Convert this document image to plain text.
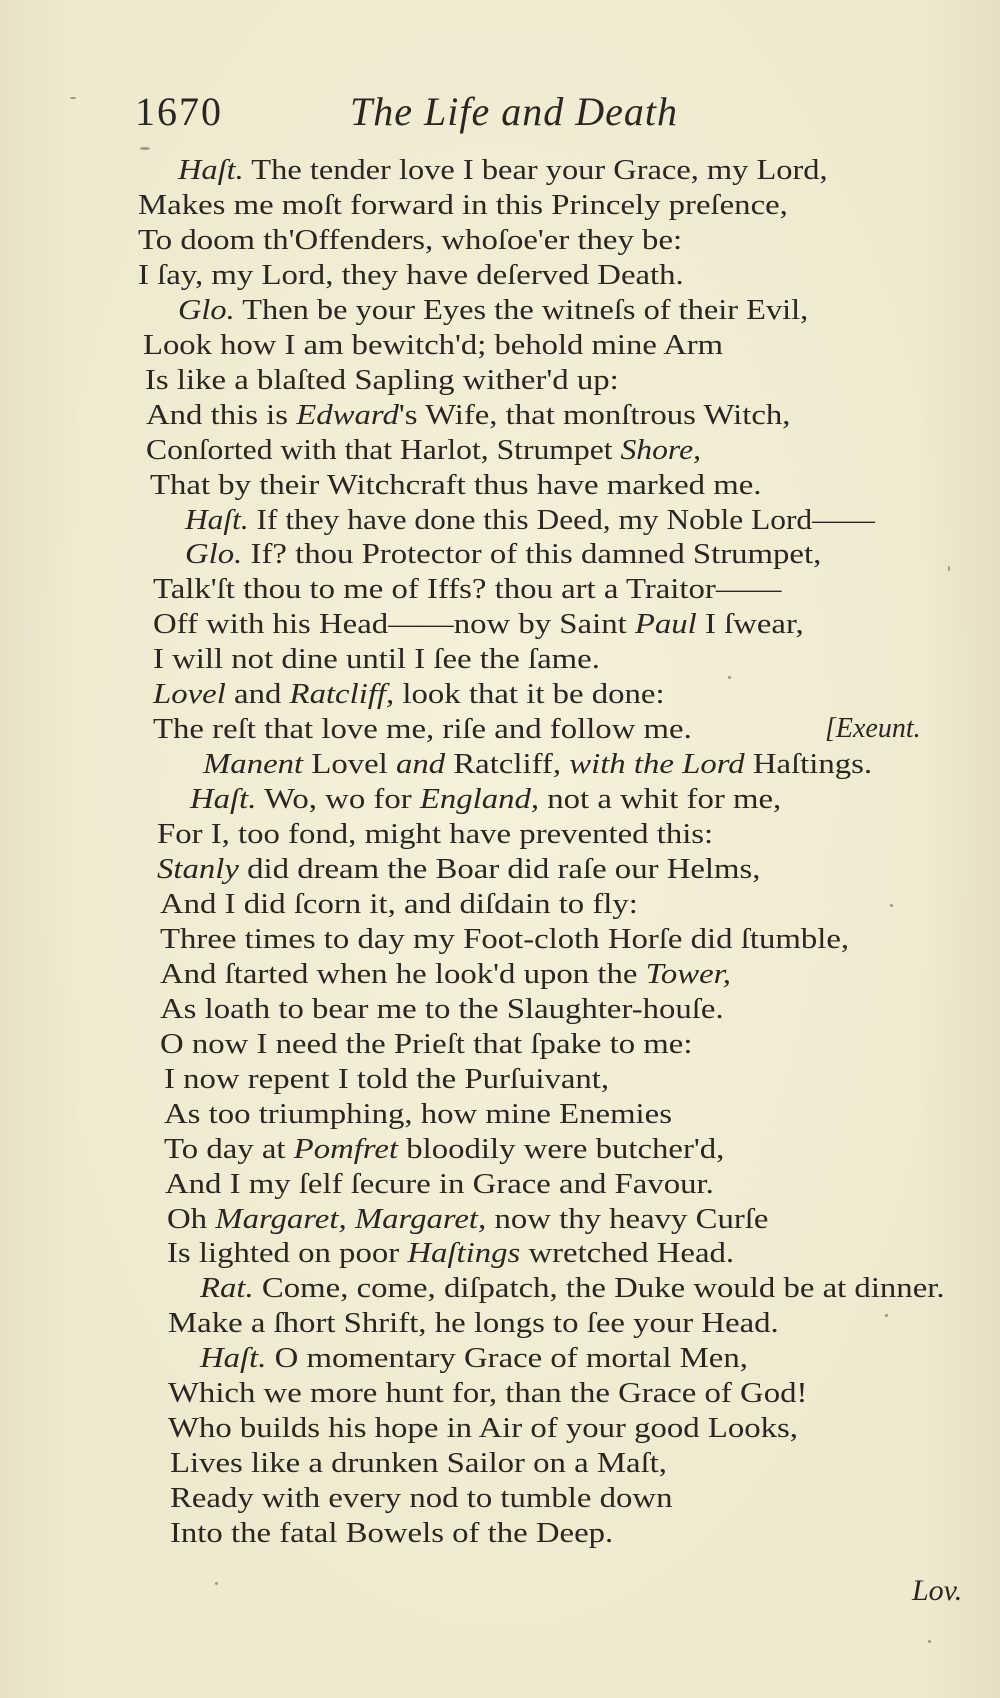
1670	The Life and Death
Haſt. The tender love I bear your Grace, my Lord,
Makes me moſt forward in this Princely preſence,
To doom th'Offenders, whoſoe'er they be:
I ſay, my Lord, they have deſerved Death.
Glo. Then be your Eyes the witneſs of their Evil,
Look how I am bewitch'd; behold mine Arm
Is like a blaſted Sapling wither'd up:
And this is Edward's Wife, that monſtrous Witch,
Conſorted with that Harlot, Strumpet Shore,
That by their Witchcraft thus have marked me.
Haſt. If they have done this Deed, my Noble Lord——
Glo. If? thou Protector of this damned Strumpet,
Talk'ſt thou to me of Iffs? thou art a Traitor——
Off with his Head——now by Saint Paul I ſwear,
I will not dine until I ſee the ſame.
Lovel and Ratcliff, look that it be done:
The reſt that love me, riſe and follow me.	[Exeunt.
Manent Lovel and Ratcliff, with the Lord Haſtings.
Haſt. Wo, wo for England, not a whit for me,
For I, too fond, might have prevented this:
Stanly did dream the Boar did raſe our Helms,
And I did ſcorn it, and diſdain to fly:
Three times to day my Foot-cloth Horſe did ſtumble,
And ſtarted when he look'd upon the Tower,
As loath to bear me to the Slaughter-houſe.
O now I need the Prieſt that ſpake to me:
I now repent I told the Purſuivant,
As too triumphing, how mine Enemies
To day at Pomfret bloodily were butcher'd,
And I my ſelf ſecure in Grace and Favour.
Oh Margaret, Margaret, now thy heavy Curſe
Is lighted on poor Haſtings wretched Head.
Rat. Come, come, diſpatch, the Duke would be at dinner.
Make a ſhort Shrift, he longs to ſee your Head.
Haſt. O momentary Grace of mortal Men,
Which we more hunt for, than the Grace of God!
Who builds his hope in Air of your good Looks,
Lives like a drunken Sailor on a Maſt,
Ready with every nod to tumble down
Into the fatal Bowels of the Deep.
Lov.
